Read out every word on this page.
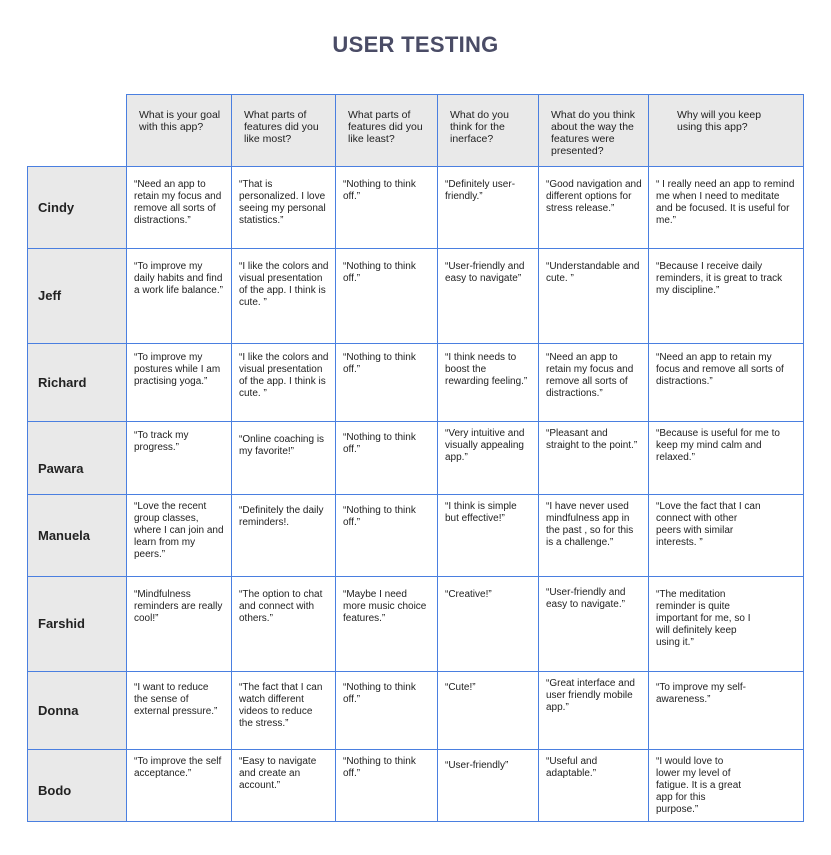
USER TESTING

	What is your goal with this app?	What parts of features did you like most?	What parts of features did you like least?	What do you think for the inerface?	What do you think about the way the features were presented?	Why will you keep using this app?

Cindy	“Need an app to retain my focus and remove all sorts of distractions.”	“That is personalized. I love seeing my personal statistics.”	“Nothing to think off.”	“Definitely user-friendly.”	“Good navigation and different options for stress release.”	“ I really need an app to remind me when I need to meditate and be focused. It is useful for me.”

Jeff	“To improve my daily habits and find a work life balance.”	“I like the colors and visual presentation of the app. I think is cute. ”	“Nothing to think off.”	“User-friendly and easy to navigate”	“Understandable and cute. ”	“Because I receive daily reminders, it is great to track my discipline.”

Richard	“To improve my postures while I am practising yoga.”	“I like the colors and visual presentation of the app. I think is cute. ”	“Nothing to think off.”	“I think needs to boost the rewarding feeling.”	“Need an app to retain my focus and remove all sorts of distractions.”	“Need an app to retain my focus and remove all sorts of distractions.”

Pawara	“To track my progress.”	“Online coaching is my favorite!”	“Nothing to think off.”	“Very intuitive and visually appealing app.”	“Pleasant and straight to the point.”	“Because is useful for me to keep my mind calm and relaxed.”

Manuela	“Love the recent group classes, where I can join and learn from my peers.”	“Definitely the daily reminders!.	“Nothing to think off.”	“I think is simple but effective!”	“I have never used mindfulness app in the past , so for this is a challenge.”	“Love the fact that I can connect with other peers with similar interests. ”

Farshid	“Mindfulness reminders are really cool!”	“The option to chat and connect with others.”	“Maybe I need more music choice features.”	“Creative!”	“User-friendly and easy to navigate.”	“The meditation reminder is quite important for me, so I will definitely keep using it.”

Donna	“I want to reduce the sense of external pressure.”	“The fact that I can watch different videos to reduce the stress.”	“Nothing to think off.”	“Cute!”	“Great interface and user friendly mobile app.”	“To improve my self-awareness.”

Bodo	“To improve the self acceptance.”	“Easy to navigate and create an account.”	“Nothing to think off.”	“User-friendly”	“Useful and adaptable.”	“I would love to lower my level of fatigue. It is a great app for this purpose.”
